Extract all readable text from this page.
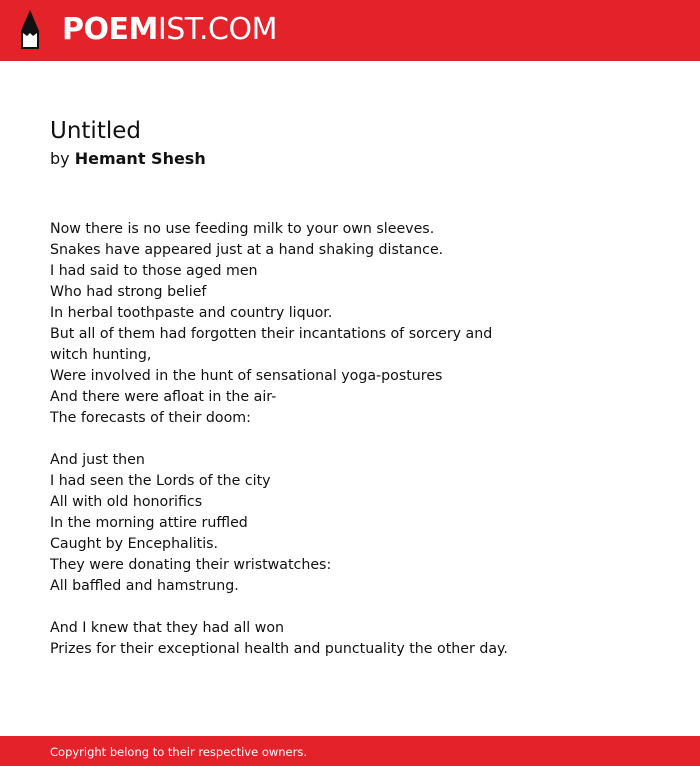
POEMIST.COM
Untitled
by Hemant Shesh
Now there is no use feeding milk to your own sleeves.
Snakes have appeared just at a hand shaking distance.
I had said to those aged men
Who had strong belief
In herbal toothpaste and country liquor.
But all of them had forgotten their incantations of sorcery and witch hunting,
Were involved in the hunt of sensational yoga-postures
And there were afloat in the air-
The forecasts of their doom:
And just then
I had seen the Lords of the city
All with old honorifics
In the morning attire ruffled
Caught by Encephalitis.
They were donating their wristwatches:
All baffled and hamstrung.
And I knew that they had all won
Prizes for their exceptional health and punctuality the other day.
Copyright belong to their respective owners.
